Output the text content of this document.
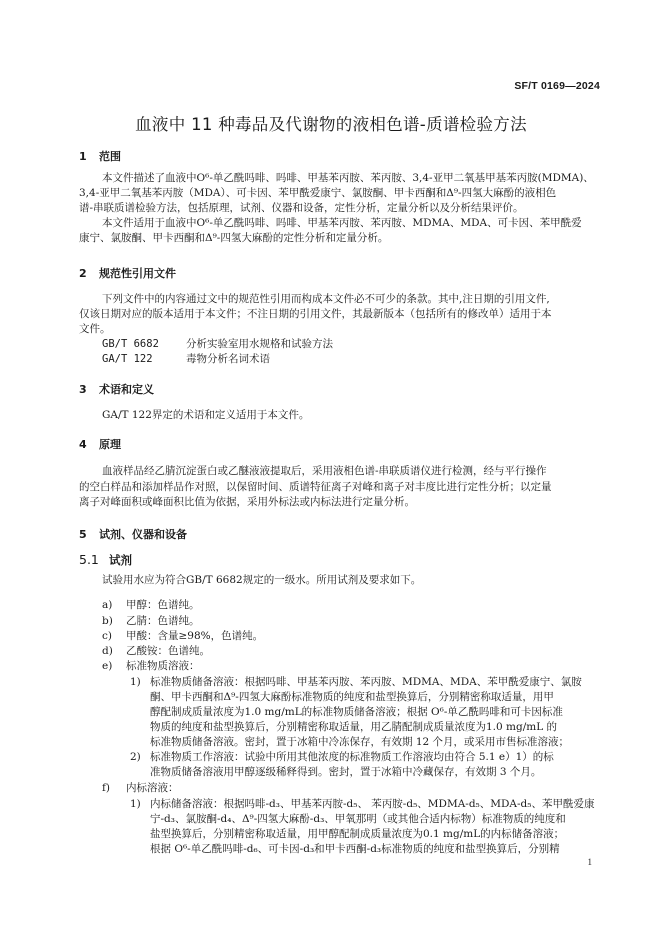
SF/T 0169—2024
血液中 11 种毒品及代谢物的液相色谱-质谱检验方法
1 范围
本文件描述了血液中O⁶-单乙酰吗啡、吗啡、甲基苯丙胺、苯丙胺、3,4-亚甲二氧基甲基苯丙胺(MDMA)、
3,4-亚甲二氧基苯丙胺（MDA）、可卡因、苯甲酰爱康宁、氯胺酮、甲卡西酮和Δ⁹-四氢大麻酚的液相色
谱-串联质谱检验方法，包括原理，试剂、仪器和设备，定性分析，定量分析以及分析结果评价。
本文件适用于血液中O⁶-单乙酰吗啡、吗啡、甲基苯丙胺、苯丙胺、MDMA、MDA、可卡因、苯甲酰爱
康宁、氯胺酮、甲卡西酮和Δ⁹-四氢大麻酚的定性分析和定量分析。
2 规范性引用文件
下列文件中的内容通过文中的规范性引用而构成本文件必不可少的条款。其中,注日期的引用文件,
仅该日期对应的版本适用于本文件；不注日期的引用文件，其最新版本（包括所有的修改单）适用于本
文件。
GB/T 6682	分析实验室用水规格和试验方法
GA/T 122	毒物分析名词术语
3 术语和定义
GA/T 122界定的术语和定义适用于本文件。
4 原理
血液样品经乙腈沉淀蛋白或乙醚液液提取后，采用液相色谱-串联质谱仪进行检测，经与平行操作
的空白样品和添加样品作对照，以保留时间、质谱特征离子对峰和离子对丰度比进行定性分析；以定量
离子对峰面积或峰面积比值为依据，采用外标法或内标法进行定量分析。
5 试剂、仪器和设备
5.1 试剂
试验用水应为符合GB/T 6682规定的一级水。所用试剂及要求如下。
a) 甲醇：色谱纯。
b) 乙腈：色谱纯。
c) 甲酸：含量≥98%，色谱纯。
d) 乙酸铵：色谱纯。
e) 标准物质溶液：
1) 标准物质储备溶液：根据吗啡、甲基苯丙胺、苯丙胺、MDMA、MDA、苯甲酰爱康宁、氯胺
酮、甲卡西酮和Δ⁹-四氢大麻酚标准物质的纯度和盐型换算后，分别精密称取适量，用甲
醇配制成质量浓度为1.0 mg/mL的标准物质储备溶液；根据 O⁶-单乙酰吗啡和可卡因标准
物质的纯度和盐型换算后，分别精密称取适量，用乙腈配制成质量浓度为1.0 mg/mL 的
标准物质储备溶液。密封，置于冰箱中冷冻保存，有效期 12 个月，或采用市售标准溶液；
2) 标准物质工作溶液：试验中所用其他浓度的标准物质工作溶液均由符合 5.1 e）1）的标
准物质储备溶液用甲醇逐级稀释得到。密封，置于冰箱中冷藏保存，有效期 3 个月。
f) 内标溶液：
1) 内标储备溶液：根据吗啡-d₃、甲基苯丙胺-d₅、 苯丙胺-d₅、MDMA-d₅、MDA-d₅、苯甲酰爱康
宁-d₃、氯胺酮-d₄、Δ⁹-四氢大麻酚-d₃、甲氧那明（或其他合适内标物）标准物质的纯度和
盐型换算后，分别精密称取适量，用甲醇配制成质量浓度为0.1 mg/mL的内标储备溶液；
根据 O⁶-单乙酰吗啡-d₆、可卡因-d₃和甲卡西酮-d₃标准物质的纯度和盐型换算后，分别精
1
